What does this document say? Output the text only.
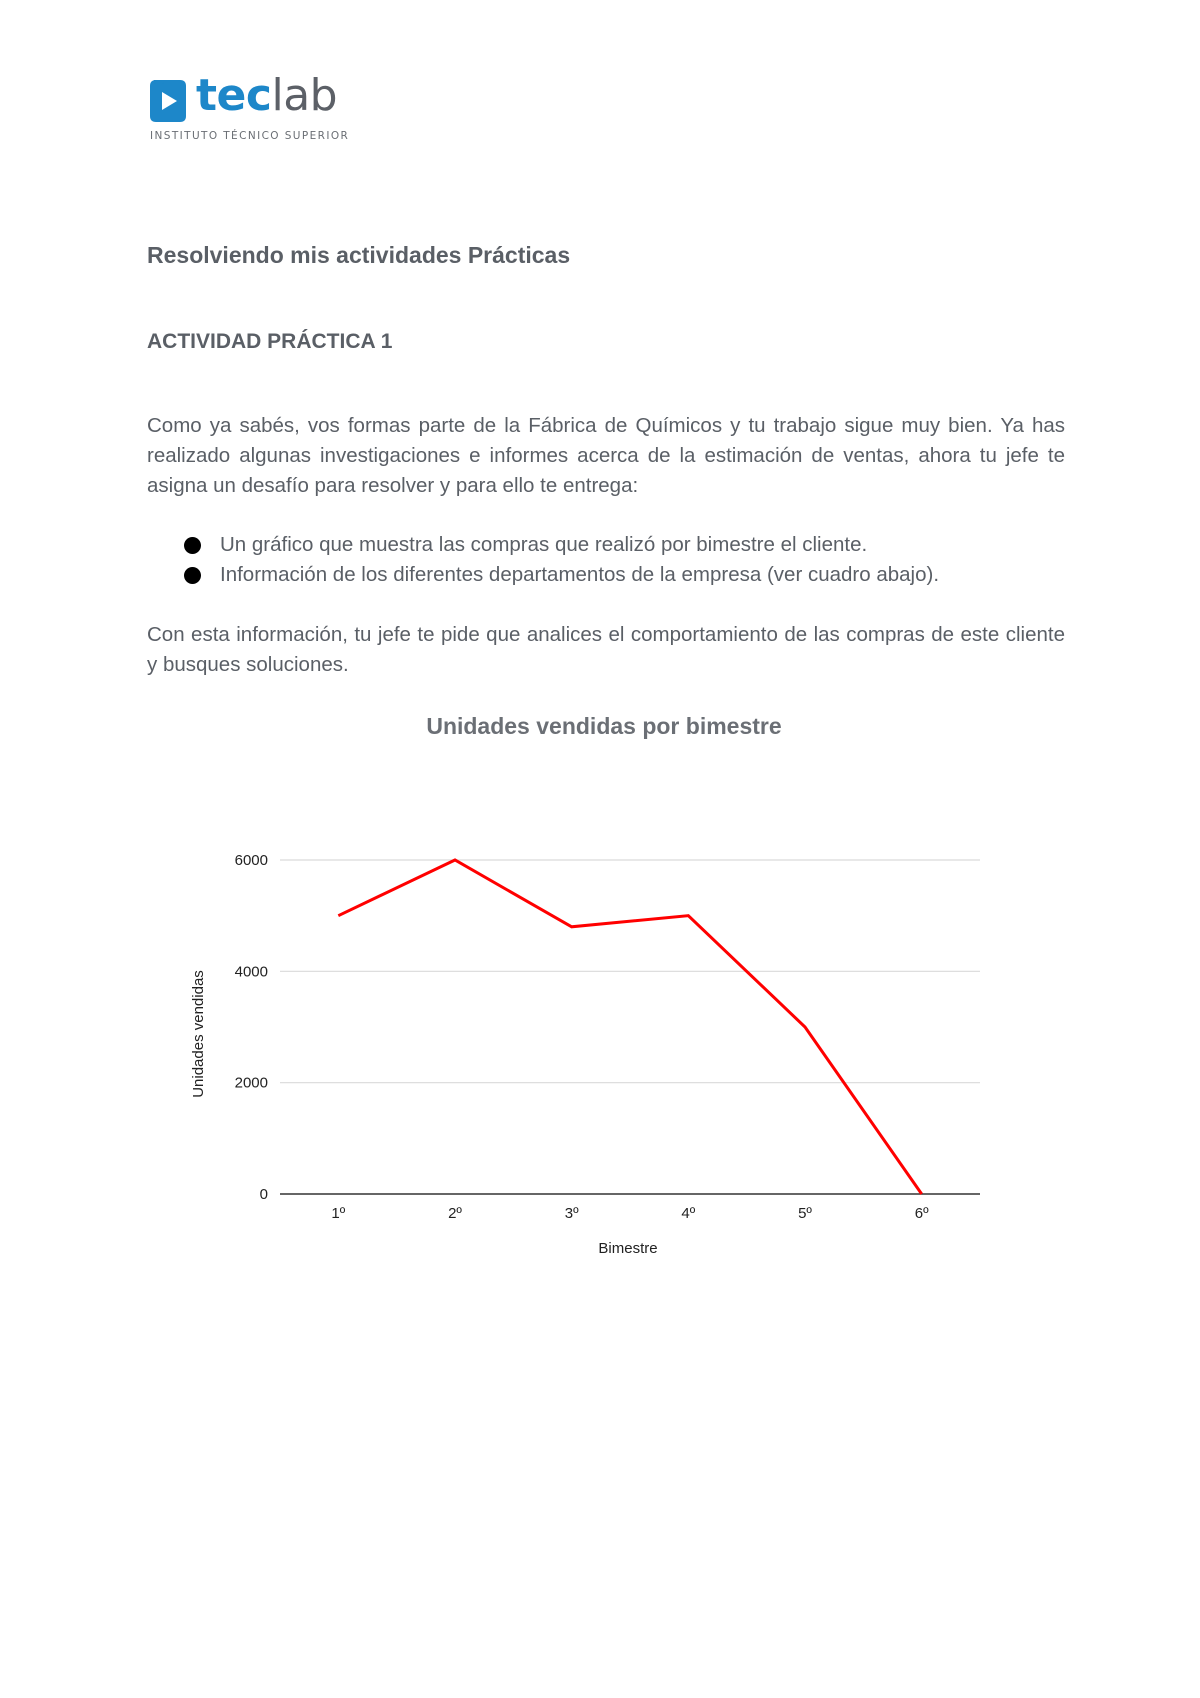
teclab
INSTITUTO TÉCNICO SUPERIOR
Resolviendo mis actividades Prácticas
ACTIVIDAD PRÁCTICA 1

Como ya sabés, vos formas parte de la Fábrica de Químicos y tu trabajo sigue muy bien. Ya has realizado algunas investigaciones e informes acerca de la estimación de ventas, ahora tu jefe te asigna un desafío para resolver y para ello te entrega:

Un gráfico que muestra las compras que realizó por bimestre el cliente.
Información de los diferentes departamentos de la empresa (ver cuadro abajo).

Con esta información, tu jefe te pide que analices el comportamiento de las compras de este cliente y busques soluciones.

Unidades vendidas por bimestre
0
2000
4000
6000
1º	2º	3º	4º	5º	6º
Bimestre
Unidades vendidas
